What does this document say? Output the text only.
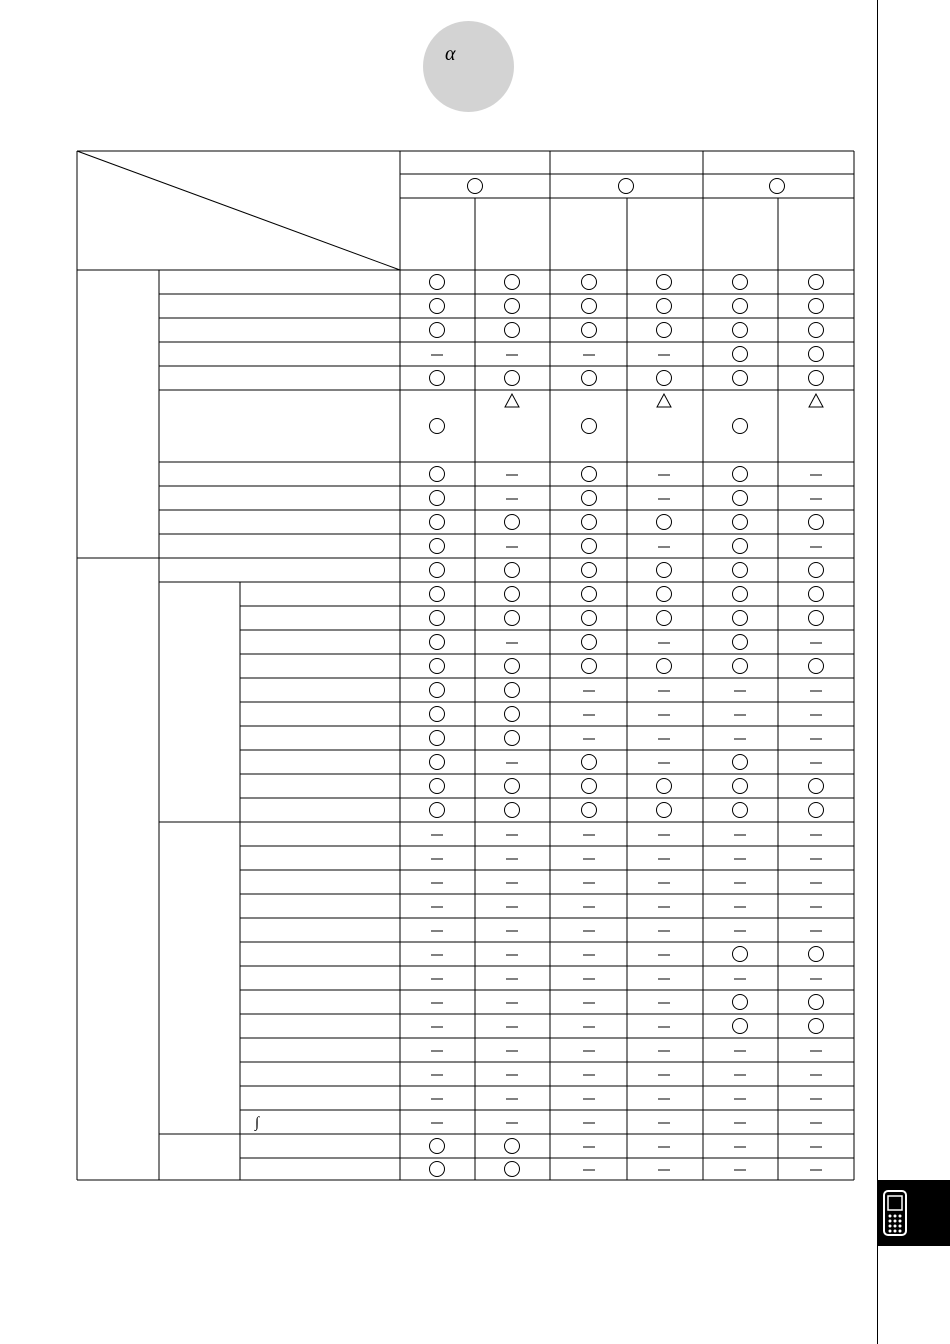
α
∫
